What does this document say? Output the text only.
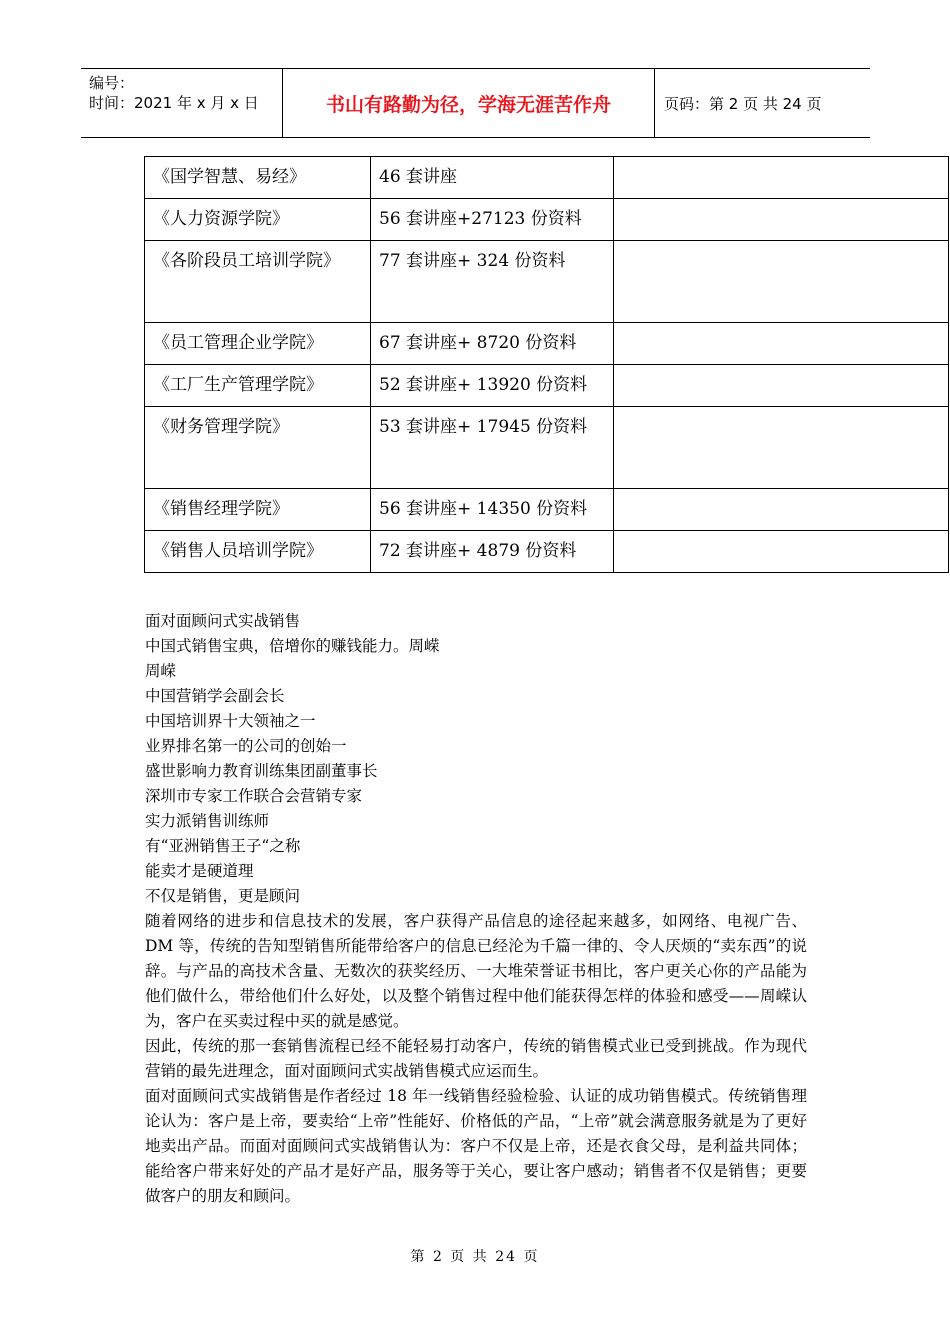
编号：
时间：2021 年 x 月 x 日	书山有路勤为径，学海无涯苦作舟	页码：第 2 页 共 24 页
《国学智慧、易经》	46 套讲座	
《人力资源学院》	56 套讲座+27123 份资料	
《各阶段员工培训学院》	77 套讲座+ 324 份资料	
《员工管理企业学院》	67 套讲座+ 8720 份资料	
《工厂生产管理学院》	52 套讲座+ 13920 份资料	
《财务管理学院》	53 套讲座+ 17945 份资料	
《销售经理学院》	56 套讲座+ 14350 份资料	
《销售人员培训学院》	72 套讲座+ 4879 份资料	

面对面顾问式实战销售

中国式销售宝典，倍增你的赚钱能力。周嵘

周嵘

中国营销学会副会长

中国培训界十大领袖之一

业界排名第一的公司的创始一

盛世影响力教育训练集团副董事长

深圳市专家工作联合会营销专家

实力派销售训练师

有“亚洲销售王子“之称

能卖才是硬道理

不仅是销售，更是顾问

随着网络的进步和信息技术的发展，客户获得产品信息的途径起来越多，如网络、电视广告、DM 等，传统的告知型销售所能带给客户的信息已经沦为千篇一律的、令人厌烦的“卖东西”的说辞。与产品的高技术含量、无数次的获奖经历、一大堆荣誉证书相比，客户更关心你的产品能为他们做什么，带给他们什么好处，以及整个销售过程中他们能获得怎样的体验和感受——周嵘认为，客户在买卖过程中买的就是感觉。

因此，传统的那一套销售流程已经不能轻易打动客户，传统的销售模式业已受到挑战。作为现代营销的最先进理念，面对面顾问式实战销售模式应运而生。

面对面顾问式实战销售是作者经过 18 年一线销售经验检验、认证的成功销售模式。传统销售理论认为：客户是上帝，要卖给“上帝”性能好、价格低的产品，“上帝”就会满意服务就是为了更好地卖出产品。而面对面顾问式实战销售认为：客户不仅是上帝，还是衣食父母，是利益共同体；能给客户带来好处的产品才是好产品，服务等于关心，要让客户感动；销售者不仅是销售；更要做客户的朋友和顾问。

第 2 页 共 24 页
